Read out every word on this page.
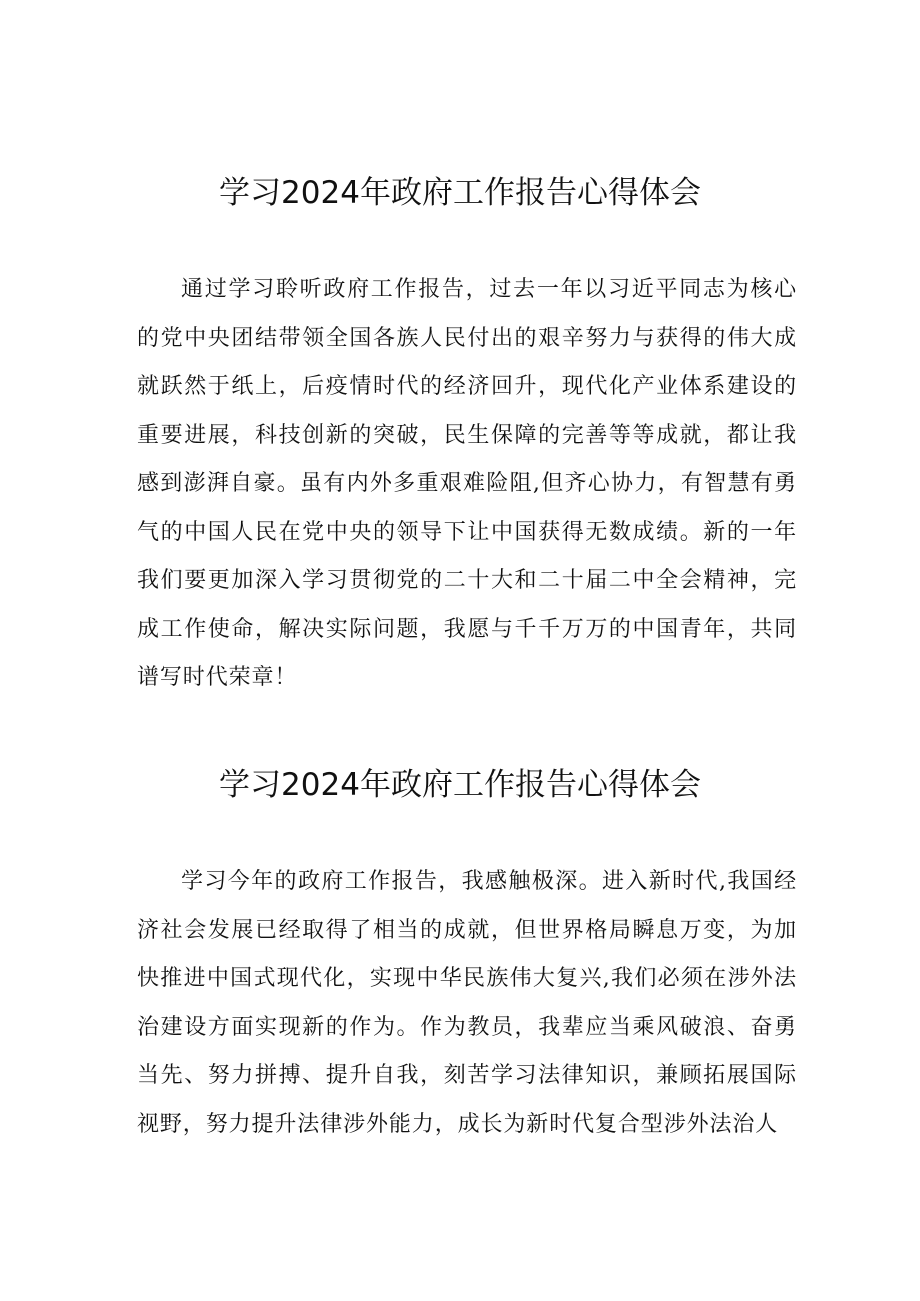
学习2024年政府工作报告心得体会

通过学习聆听政府工作报告，过去一年以习近平同志为核心的党中央团结带领全国各族人民付出的艰辛努力与获得的伟大成就跃然于纸上，后疫情时代的经济回升，现代化产业体系建设的重要进展，科技创新的突破，民生保障的完善等等成就，都让我感到澎湃自豪。虽有内外多重艰难险阻,但齐心协力，有智慧有勇气的中国人民在党中央的领导下让中国获得无数成绩。新的一年我们要更加深入学习贯彻党的二十大和二十届二中全会精神，完成工作使命，解决实际问题，我愿与千千万万的中国青年，共同谱写时代荣章！

学习2024年政府工作报告心得体会

学习今年的政府工作报告，我感触极深。进入新时代,我国经济社会发展已经取得了相当的成就，但世界格局瞬息万变，为加快推进中国式现代化，实现中华民族伟大复兴,我们必须在涉外法治建设方面实现新的作为。作为教员，我辈应当乘风破浪、奋勇当先、努力拼搏、提升自我，刻苦学习法律知识，兼顾拓展国际视野，努力提升法律涉外能力，成长为新时代复合型涉外法治人
